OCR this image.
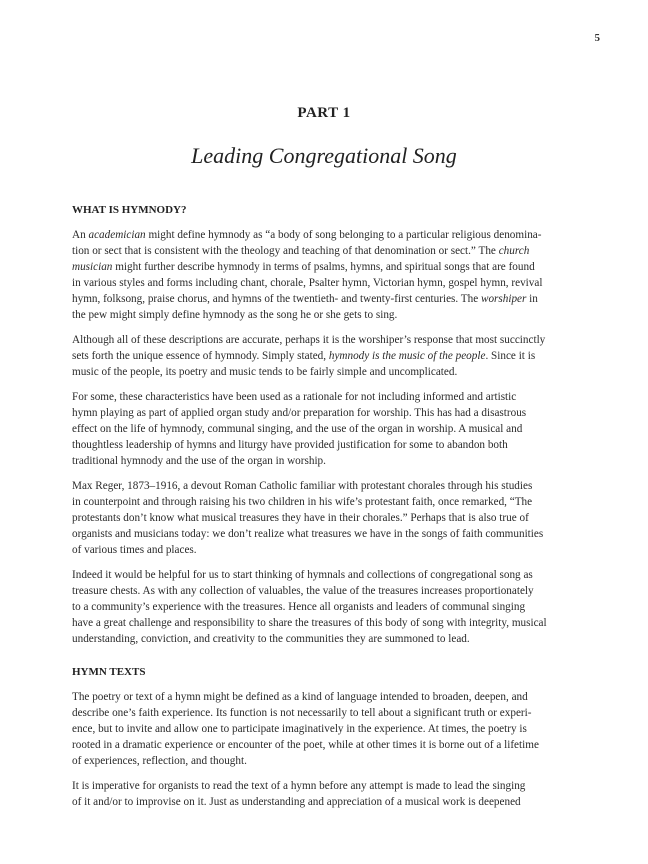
5
PART 1
Leading Congregational Song
WHAT IS HYMNODY?

An academician might define hymnody as “a body of song belonging to a particular religious denomina-
tion or sect that is consistent with the theology and teaching of that denomination or sect.” The church
musician might further describe hymnody in terms of psalms, hymns, and spiritual songs that are found
in various styles and forms including chant, chorale, Psalter hymn, Victorian hymn, gospel hymn, revival
hymn, folksong, praise chorus, and hymns of the twentieth- and twenty-first centuries. The worshiper in
the pew might simply define hymnody as the song he or she gets to sing.

Although all of these descriptions are accurate, perhaps it is the worshiper’s response that most succinctly
sets forth the unique essence of hymnody. Simply stated, hymnody is the music of the people. Since it is
music of the people, its poetry and music tends to be fairly simple and uncomplicated.

For some, these characteristics have been used as a rationale for not including informed and artistic
hymn playing as part of applied organ study and/or preparation for worship. This has had a disastrous
effect on the life of hymnody, communal singing, and the use of the organ in worship. A musical and
thoughtless leadership of hymns and liturgy have provided justification for some to abandon both
traditional hymnody and the use of the organ in worship.

Max Reger, 1873–1916, a devout Roman Catholic familiar with protestant chorales through his studies
in counterpoint and through raising his two children in his wife’s protestant faith, once remarked, “The
protestants don’t know what musical treasures they have in their chorales.” Perhaps that is also true of
organists and musicians today: we don’t realize what treasures we have in the songs of faith communities
of various times and places.

Indeed it would be helpful for us to start thinking of hymnals and collections of congregational song as
treasure chests. As with any collection of valuables, the value of the treasures increases proportionately
to a community’s experience with the treasures. Hence all organists and leaders of communal singing
have a great challenge and responsibility to share the treasures of this body of song with integrity, musical
understanding, conviction, and creativity to the communities they are summoned to lead.

HYMN TEXTS

The poetry or text of a hymn might be defined as a kind of language intended to broaden, deepen, and
describe one’s faith experience. Its function is not necessarily to tell about a significant truth or experi-
ence, but to invite and allow one to participate imaginatively in the experience. At times, the poetry is
rooted in a dramatic experience or encounter of the poet, while at other times it is borne out of a lifetime
of experiences, reflection, and thought.

It is imperative for organists to read the text of a hymn before any attempt is made to lead the singing
of it and/or to improvise on it. Just as understanding and appreciation of a musical work is deepened
